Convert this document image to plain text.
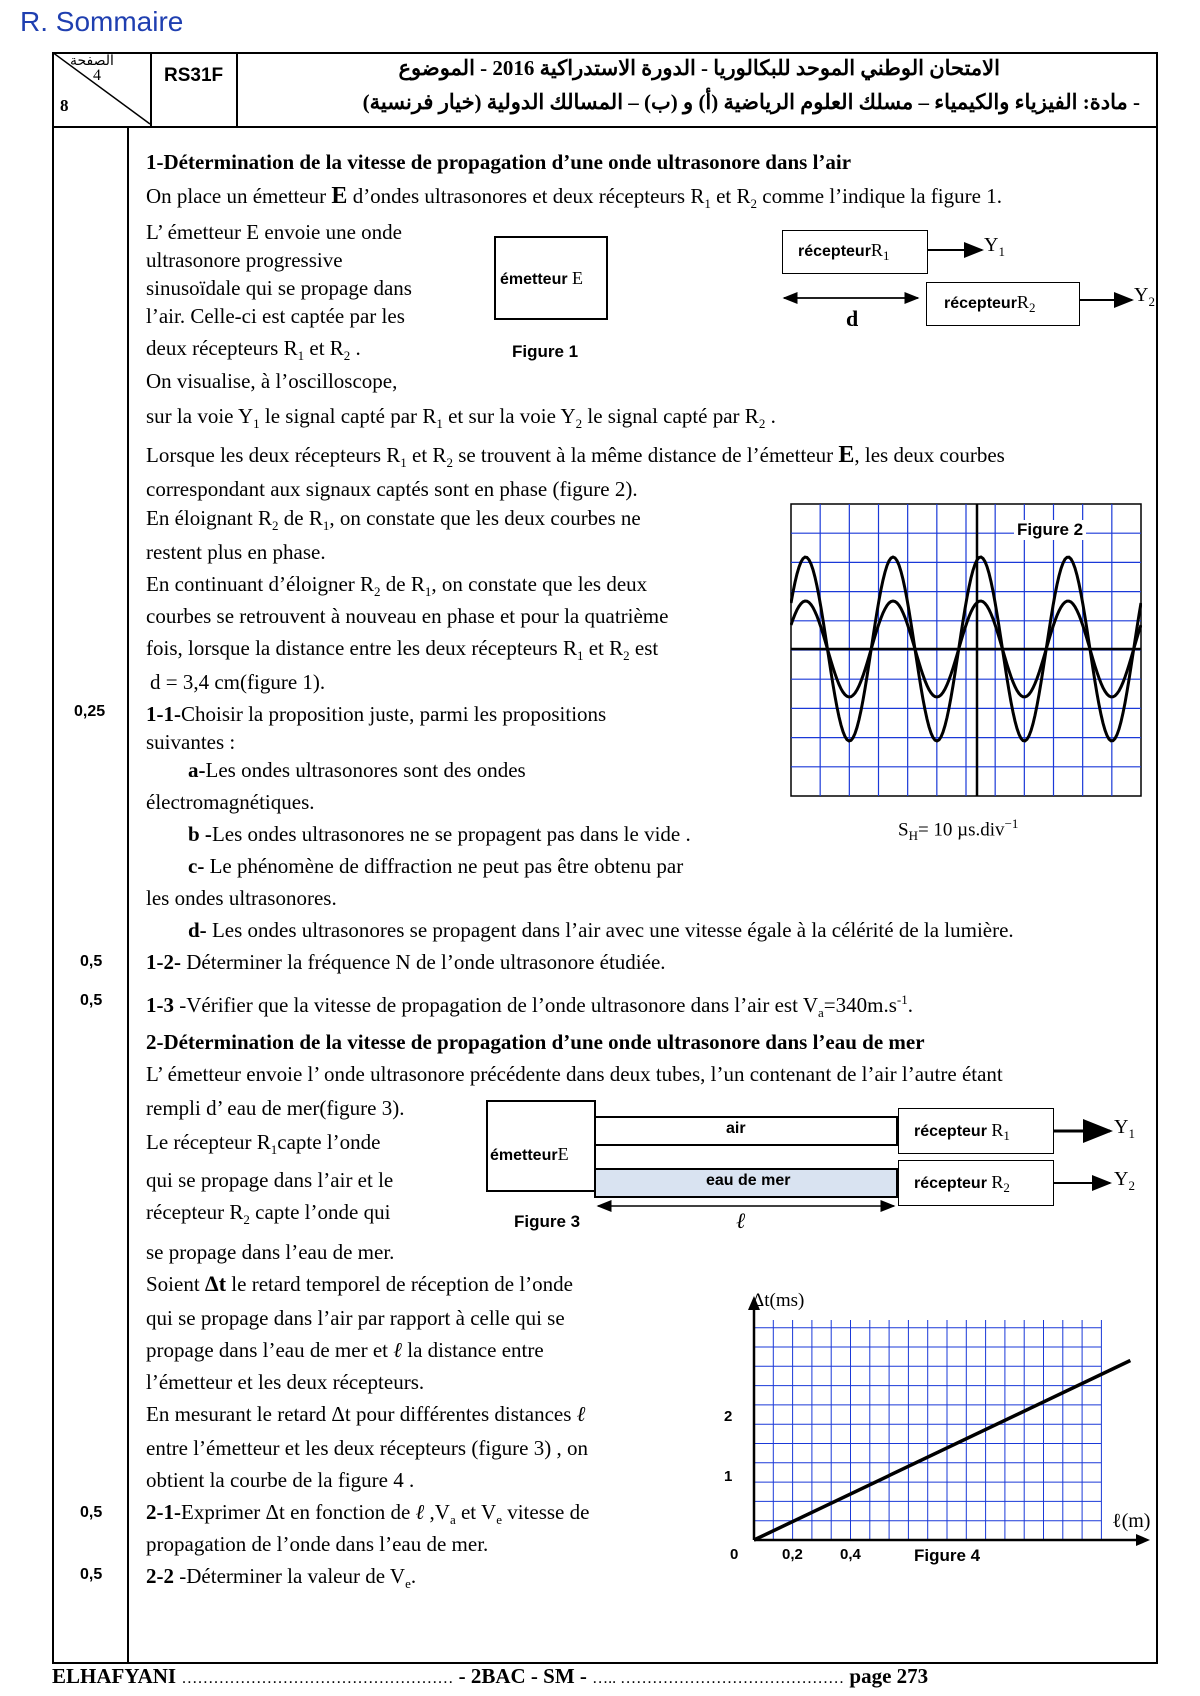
R. Sommaire
الصفحة
4
8
RS31F	الامتحان الوطني الموحد للبكالوريا - الدورة الاستدراكية 2016 - الموضوع
- مادة: الفيزياء والكيمياء – مسلك العلوم الرياضية (أ) و (ب) – المسالك الدولية (خيار فرنسية)
0,25
0,5
0,5
0,5
0,5
1-Détermination de la vitesse de propagation d’une onde ultrasonore dans l’air
On place un émetteur E d’ondes ultrasonores et deux récepteurs $R_1$ et $R_2$ comme l’indique la figure 1.
L’ émetteur E envoie une onde
ultrasonore progressive
sinusoïdale qui se propage dans
l’air. Celle-ci est captée par les
deux récepteurs $R_1$ et $R_2$ .
On visualise, à l’oscilloscope,
sur la voie $Y_1$ le signal capté par $R_1$ et sur la voie $Y_2$ le signal capté par $R_2$ .
Lorsque les deux récepteurs $R_1$ et $R_2$ se trouvent à la même distance de l’émetteur E, les deux courbes
correspondant aux signaux captés sont en phase (figure 2).
En éloignant $R_2$ de $R_1$, on constate que les deux courbes ne
restent plus en phase.
En continuant d’éloigner $R_2$ de $R_1$, on constate que les deux
courbes se retrouvent à nouveau en phase et pour la quatrième
fois, lorsque la distance entre les deux récepteurs $R_1$ et $R_2$ est
d = 3,4 cm(figure 1).
1-1-Choisir la proposition juste, parmi les propositions
suivantes :
a-Les ondes ultrasonores sont des ondes
électromagnétiques.
b -Les ondes ultrasonores ne se propagent pas dans le vide .
c- Le phénomène de diffraction ne peut pas être obtenu par
les ondes ultrasonores.
d- Les ondes ultrasonores se propagent dans l’air avec une vitesse égale à la célérité de la lumière.
1-2- Déterminer la fréquence N de l’onde ultrasonore étudiée.
1-3 -Vérifier que la vitesse de propagation de l’onde ultrasonore dans l’air est $V_a=340m.s^{-1}$.
émetteur E
Figure 1
récepteurR$_1$
récepteurR$_2$
$Y_1$
$Y_2$
d
Figure 2
$S_H= 10$ µs.div$^{-1}$
2-Détermination de la vitesse de propagation d’une onde ultrasonore dans l’eau de mer
L’ émetteur envoie l’ onde ultrasonore précédente dans deux tubes, l’un contenant de l’air l’autre étant
rempli d’ eau de mer(figure 3).
Le récepteur $R_1capte$ l’onde
qui se propage dans l’air et le
récepteur $R_2$ capte l’onde qui
se propage dans l’eau de mer.
Soient Δt le retard temporel de réception de l’onde
qui se propage dans l’air par rapport à celle qui se
propage dans l’eau de mer et ℓ la distance entre
l’émetteur et les deux récepteurs.
En mesurant le retard Δt pour différentes distances ℓ
entre l’émetteur et les deux récepteurs (figure 3) , on
obtient la courbe de la figure 4 .
2-1-Exprimer Δt en fonction de ℓ $,V_a$ et $V_e$ vitesse de
propagation de l’onde dans l’eau de mer.
2-2 -Déterminer la valeur de $V_e$.
émetteurE
air
eau de mer
récepteur $R_1$
récepteur $R_2$
$Y_1$
$Y_2$
ℓ
Figure 3
Δt(ms)
ℓ(m)
0	0,2 0,4
1
2
Figure 4
ELHAFYANI …………………………………………… - 2BAC - SM - ….. …………………………………… page 273
